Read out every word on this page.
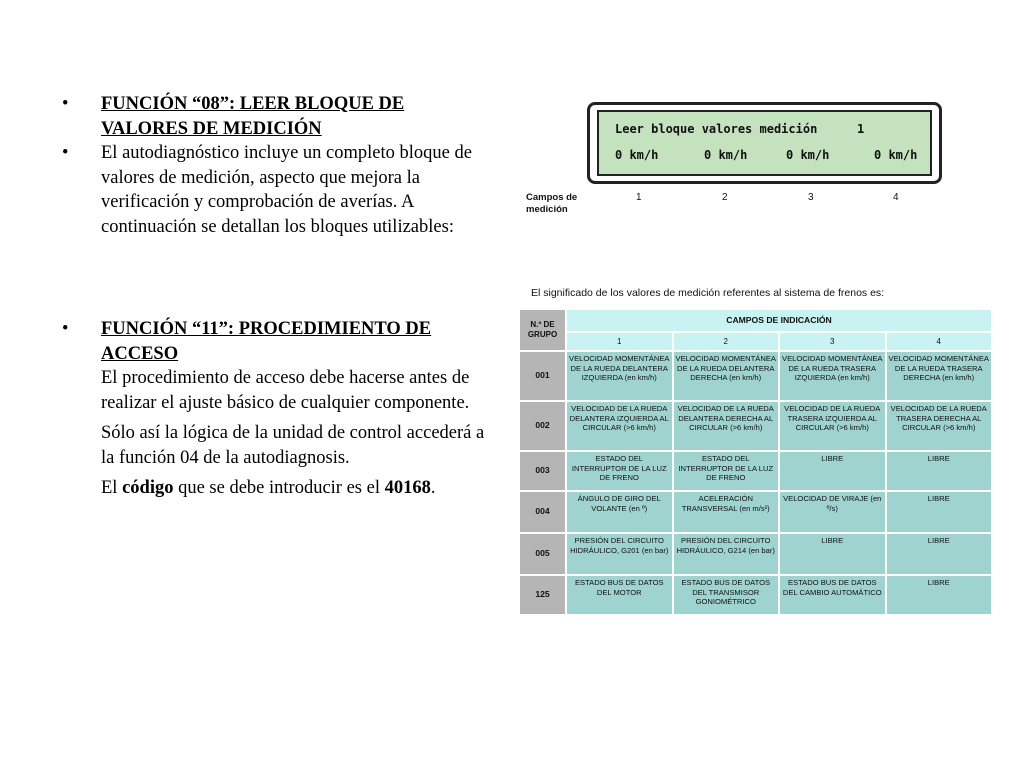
• FUNCIÓN “08”: LEER BLOQUE DE VALORES DE MEDICIÓN
• El autodiagnóstico incluye un completo bloque de valores de medición, aspecto que mejora la verificación y comprobación de averías. A continuación se detallan los bloques utilizables:
• FUNCIÓN “11”: PROCEDIMIENTO DE ACCESO
El procedimiento de acceso debe hacerse antes de realizar el ajuste básico de cualquier componente.
Sólo así la lógica de la unidad de control accederá a la función 04 de la autodiagnosis.
El código que se debe introducir es el 40168.
Leer bloque valores medición	1
0 km/h	0 km/h	0 km/h	0 km/h
Campos de
medición
1	2	3	4
El significado de los valores de medición referentes al sistema de frenos es:
N.º DE GRUPO	CAMPOS DE INDICACIÓN			
	1	2	3	4
001	VELOCIDAD MOMENTÁNEA DE LA RUEDA DELANTERA IZQUIERDA (en km/h)	VELOCIDAD MOMENTÁNEA DE LA RUEDA DELANTERA DERECHA (en km/h)	VELOCIDAD MOMENTÁNEA DE LA RUEDA TRASERA IZQUIERDA (en km/h)	VELOCIDAD MOMENTÁNEA DE LA RUEDA TRASERA DERECHA (en km/h)
002	VELOCIDAD DE LA RUEDA DELANTERA IZQUIERDA AL CIRCULAR (>6 km/h)	VELOCIDAD DE LA RUEDA DELANTERA DERECHA AL CIRCULAR (>6 km/h)	VELOCIDAD DE LA RUEDA TRASERA IZQUIERDA AL CIRCULAR (>6 km/h)	VELOCIDAD DE LA RUEDA TRASERA DERECHA AL CIRCULAR (>6 km/h)
003	ESTADO DEL INTERRUPTOR DE LA LUZ DE FRENO	ESTADO DEL INTERRUPTOR DE LA LUZ DE FRENO	LIBRE	LIBRE
004	ÁNGULO DE GIRO DEL VOLANTE (en º)	ACELERACIÓN TRANSVERSAL (en m/s²)	VELOCIDAD DE VIRAJE (en º/s)	LIBRE
005	PRESIÓN DEL CIRCUITO HIDRÁULICO, G201 (en bar)	PRESIÓN DEL CIRCUITO HIDRÁULICO, G214 (en bar)	LIBRE	LIBRE
125	ESTADO BUS DE DATOS DEL MOTOR	ESTADO BUS DE DATOS DEL TRANSMISOR GONIOMÉTRICO	ESTADO BUS DE DATOS DEL CAMBIO AUTOMÁTICO	LIBRE
